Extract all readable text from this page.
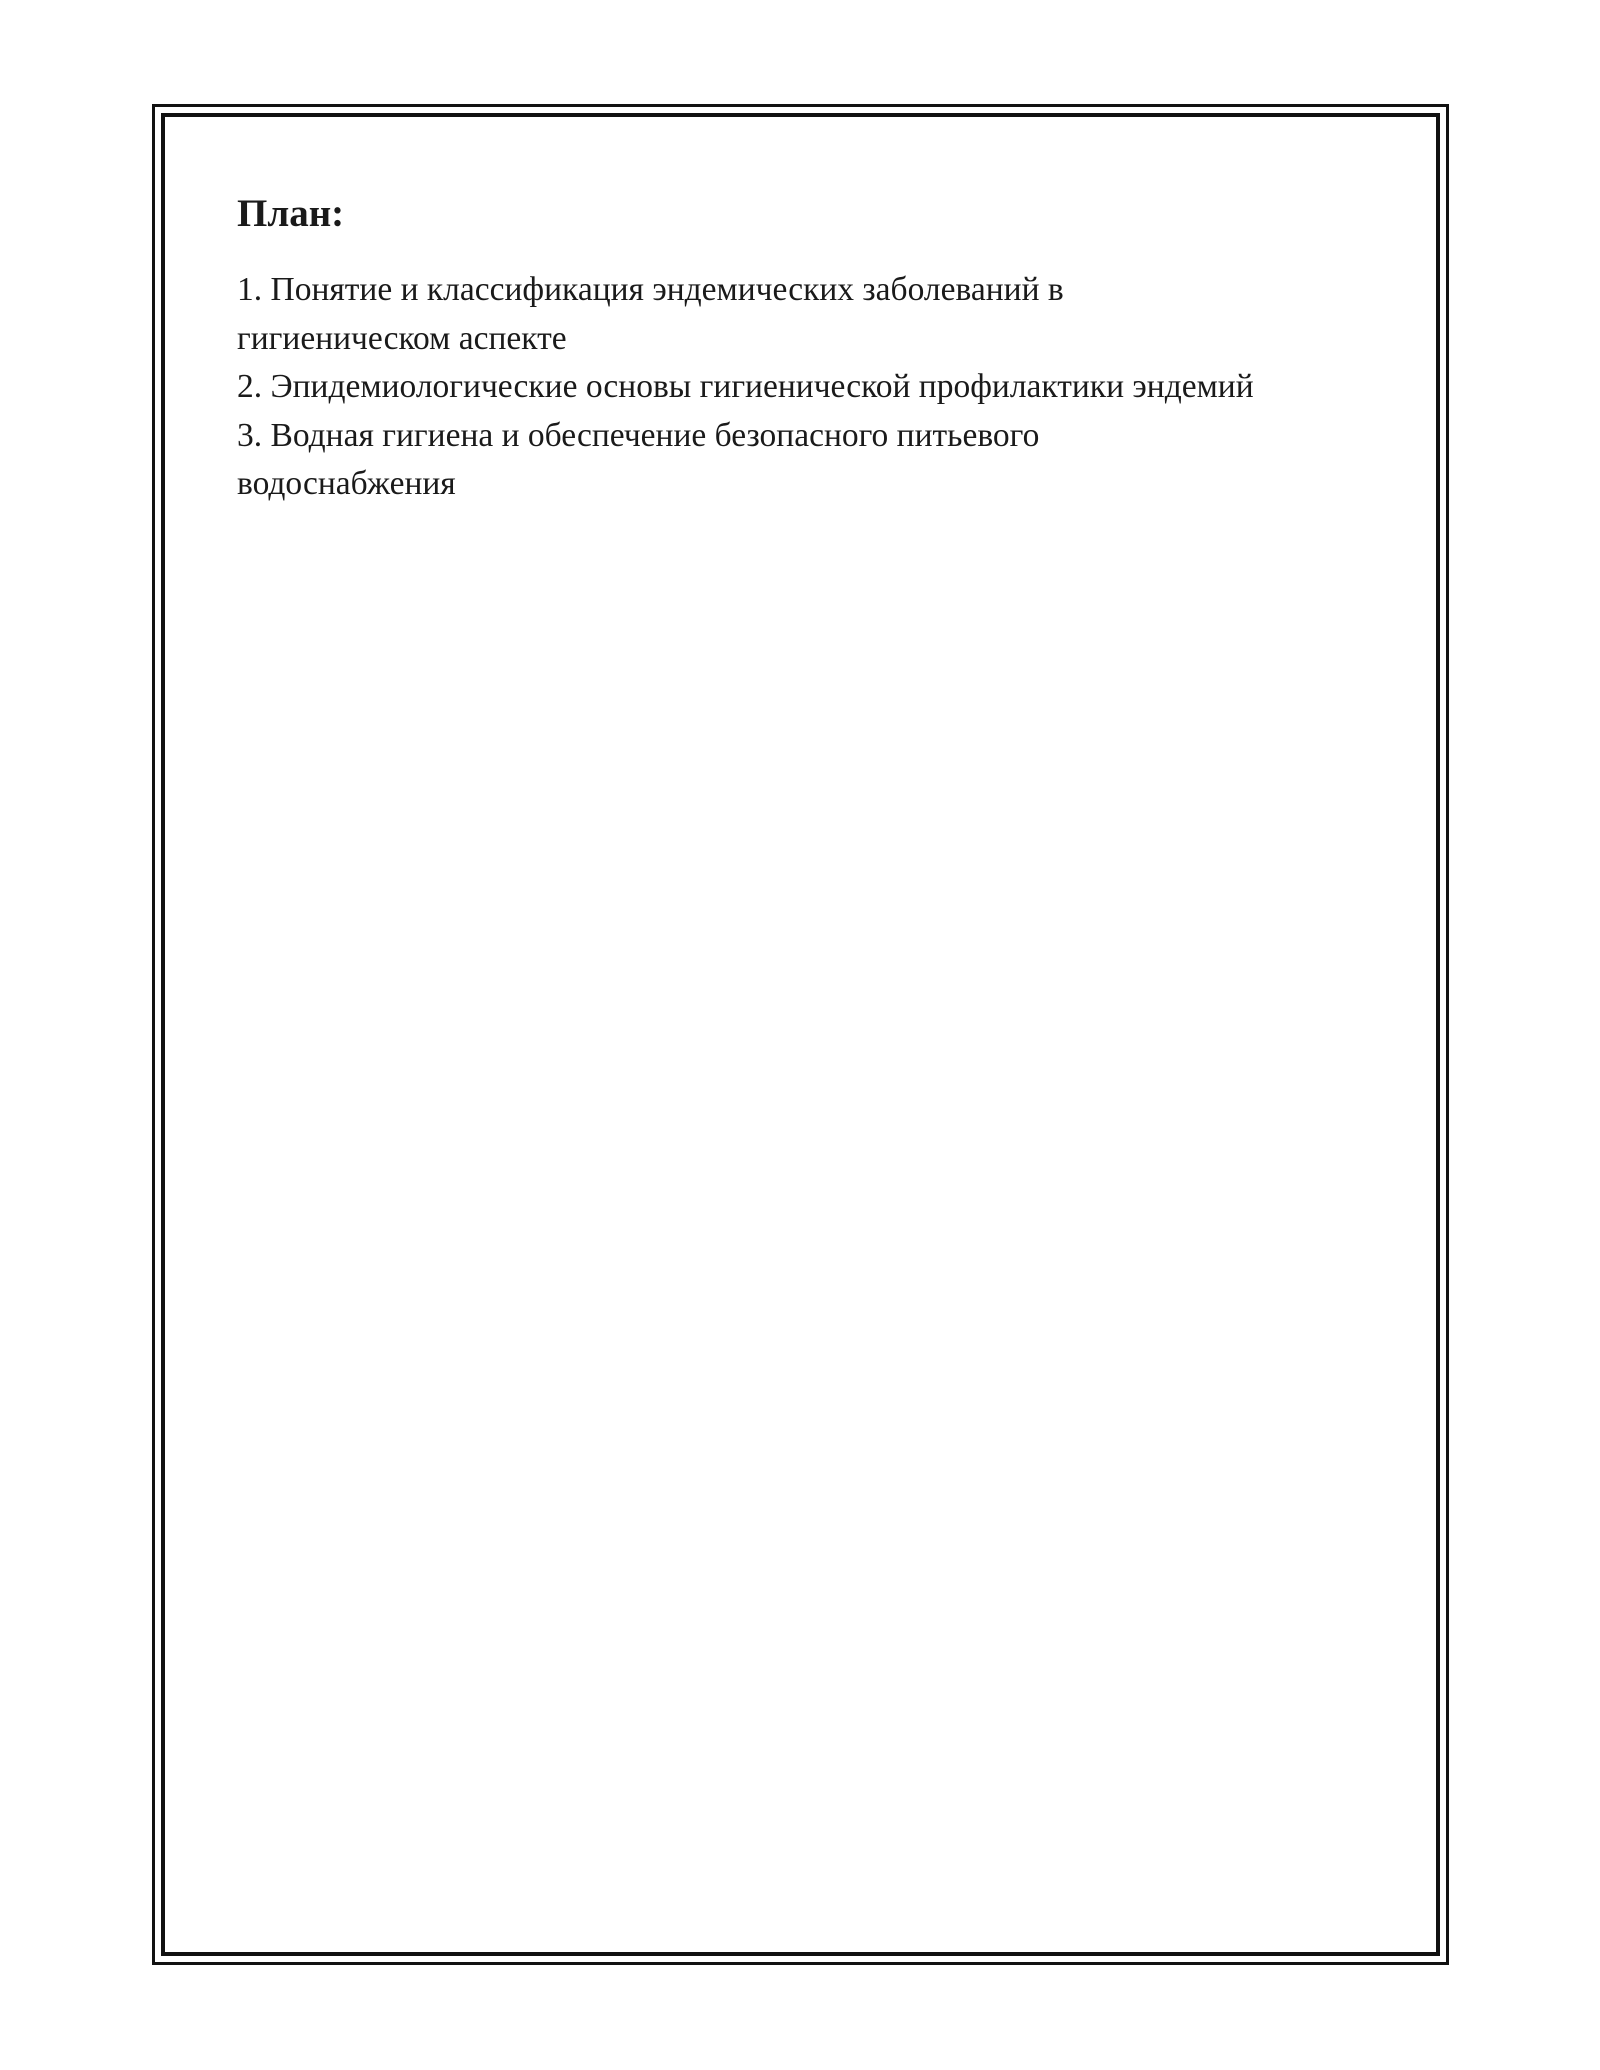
План:
1. Понятие и классификация эндемических заболеваний в
гигиеническом аспекте
2. Эпидемиологические основы гигиенической профилактики эндемий
3. Водная гигиена и обеспечение безопасного питьевого
водоснабжения
